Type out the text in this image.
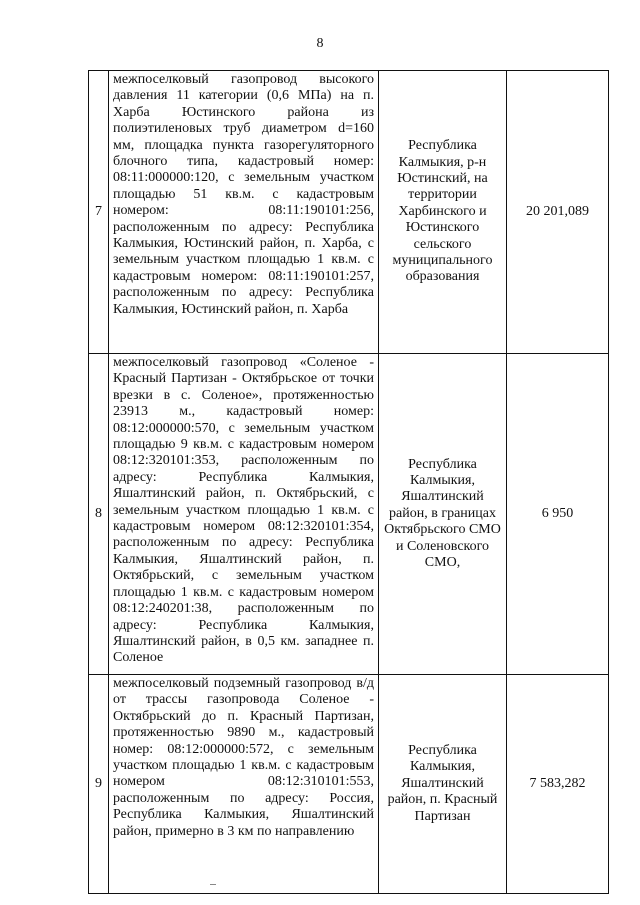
8
7	межпоселковый газопровод высокого давления 11 категории (0,6 МПа) на п. Харба Юстинского района из полиэтиленовых труб диаметром d=160 мм, площадка пункта газорегуляторного блочного типа, кадастровый номер: 08:11:000000:120, с земельным участком площадью 51 кв.м. с кадастровым номером: 08:11:190101:256, расположенным по адресу: Республика Калмыкия, Юстинский район, п. Харба, с земельным участком площадью 1 кв.м. с кадастровым номером: 08:11:190101:257, расположенным по адресу: Республика Калмыкия, Юстинский район, п. Харба	Республика Калмыкия, р-н Юстинский, на территории Харбинского и Юстинского сельского муниципального образования	20 201,089
8	межпоселковый газопровод «Соленое - Красный Партизан - Октябрьское от точки врезки в с. Соленое», протяженностью 23913 м., кадастровый номер: 08:12:000000:570, с земельным участком площадью 9 кв.м. с кадастровым номером 08:12:320101:353, расположенным по адресу: Республика Калмыкия, Яшалтинский район, п. Октябрьский, с земельным участком площадью 1 кв.м. с кадастровым номером 08:12:320101:354, расположенным по адресу: Республика Калмыкия, Яшалтинский район, п. Октябрьский, с земельным участком площадью 1 кв.м. с кадастровым номером 08:12:240201:38, расположенным по адресу: Республика Калмыкия, Яшалтинский район, в 0,5 км. западнее п. Соленое	Республика Калмыкия, Яшалтинский район, в границах Октябрьского СМО и Соленовского СМО,	6 950
9	межпоселковый подземный газопровод в/д от трассы газопровода Соленое - Октябрьский до п. Красный Партизан, протяженностью 9890 м., кадастровый номер: 08:12:000000:572, с земельным участком площадью 1 кв.м. с кадастровым номером 08:12:310101:553, расположенным по адресу: Россия, Республика Калмыкия, Яшалтинский район, примерно в 3 км по направлению	Республика Калмыкия, Яшалтинский район, п. Красный Партизан	7 583,282
